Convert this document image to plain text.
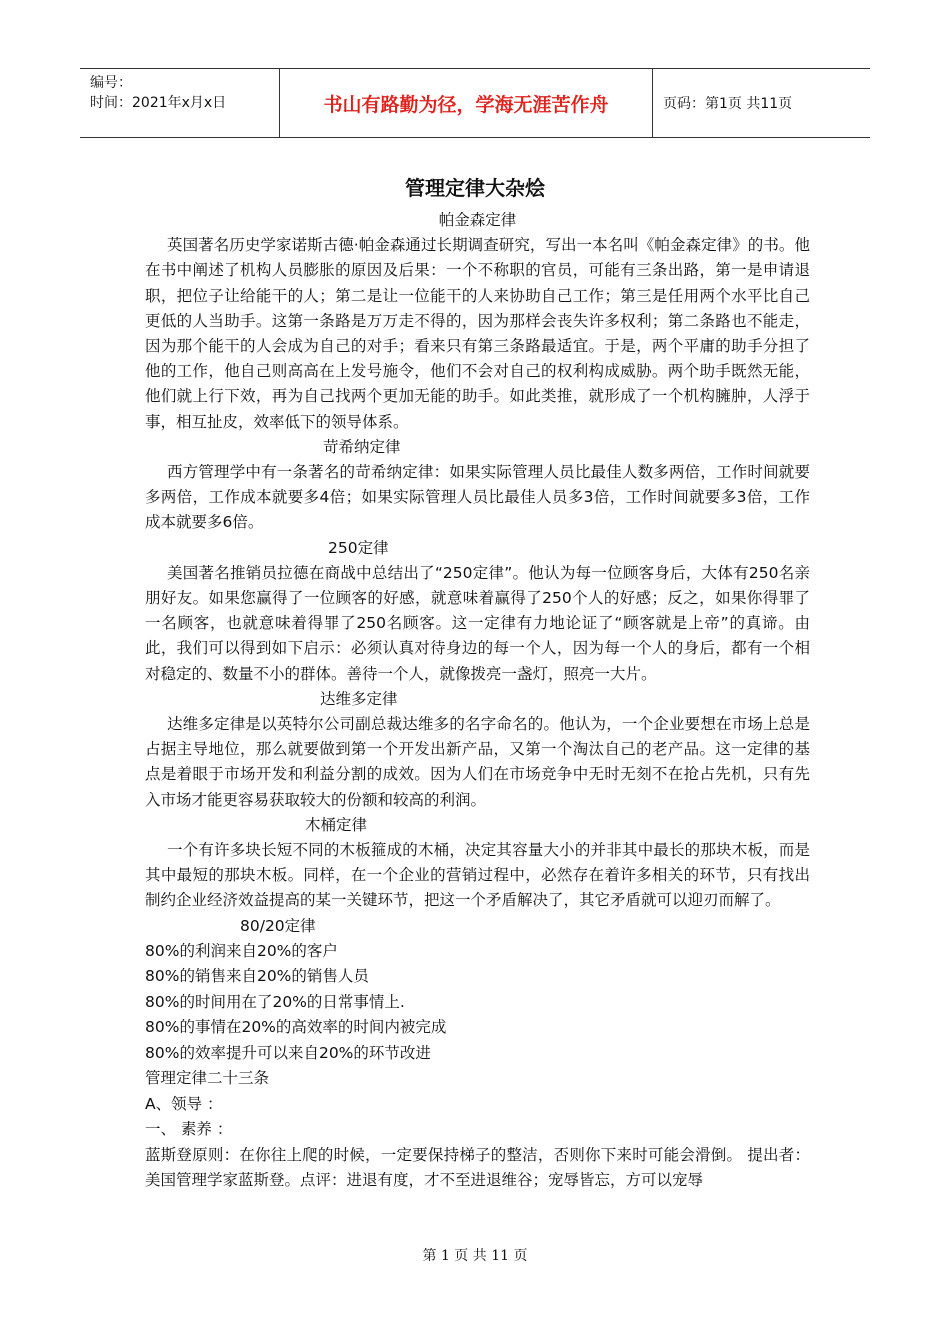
编号：
时间：2021年x月x日	书山有路勤为径，学海无涯苦作舟	页码：第1页 共11页
管理定律大杂烩

帕金森定律

英国著名历史学家诺斯古德·帕金森通过长期调查研究，写出一本名叫《帕金森定律》的书。他在书中阐述了机构人员膨胀的原因及后果：一个不称职的官员，可能有三条出路，第一是申请退职，把位子让给能干的人；第二是让一位能干的人来协助自己工作；第三是任用两个水平比自己更低的人当助手。这第一条路是万万走不得的，因为那样会丧失许多权利；第二条路也不能走，因为那个能干的人会成为自己的对手；看来只有第三条路最适宜。于是，两个平庸的助手分担了他的工作，他自己则高高在上发号施令，他们不会对自己的权利构成威胁。两个助手既然无能，他们就上行下效，再为自己找两个更加无能的助手。如此类推，就形成了一个机构臃肿，人浮于事，相互扯皮，效率低下的领导体系。

苛希纳定律

西方管理学中有一条著名的苛希纳定律：如果实际管理人员比最佳人数多两倍，工作时间就要多两倍，工作成本就要多4倍；如果实际管理人员比最佳人员多3倍，工作时间就要多3倍，工作成本就要多6倍。

250定律

美国著名推销员拉德在商战中总结出了“250定律”。他认为每一位顾客身后，大体有250名亲朋好友。如果您赢得了一位顾客的好感，就意味着赢得了250个人的好感；反之，如果你得罪了一名顾客，也就意味着得罪了250名顾客。这一定律有力地论证了“顾客就是上帝”的真谛。由此，我们可以得到如下启示：必须认真对待身边的每一个人，因为每一个人的身后，都有一个相对稳定的、数量不小的群体。善待一个人，就像拨亮一盏灯，照亮一大片。

达维多定律

达维多定律是以英特尔公司副总裁达维多的名字命名的。他认为，一个企业要想在市场上总是占据主导地位，那么就要做到第一个开发出新产品，又第一个淘汰自己的老产品。这一定律的基点是着眼于市场开发和利益分割的成效。因为人们在市场竞争中无时无刻不在抢占先机，只有先入市场才能更容易获取较大的份额和较高的利润。

木桶定律

一个有许多块长短不同的木板箍成的木桶，决定其容量大小的并非其中最长的那块木板，而是其中最短的那块木板。同样，在一个企业的营销过程中，必然存在着许多相关的环节，只有找出制约企业经济效益提高的某一关键环节，把这一个矛盾解决了，其它矛盾就可以迎刃而解了。

80/20定律

80%的利润来自20%的客户

80%的销售来自20%的销售人员

80%的时间用在了20%的日常事情上.

80%的事情在20%的高效率的时间内被完成

80%的效率提升可以来自20%的环节改进

管理定律二十三条

A、领导 ：

一、 素养 ：

蓝斯登原则：在你往上爬的时候，一定要保持梯子的整洁，否则你下来时可能会滑倒。 提出者：美国管理学家蓝斯登。点评：进退有度，才不至进退维谷；宠辱皆忘，方可以宠辱

第 1 页 共 11 页
